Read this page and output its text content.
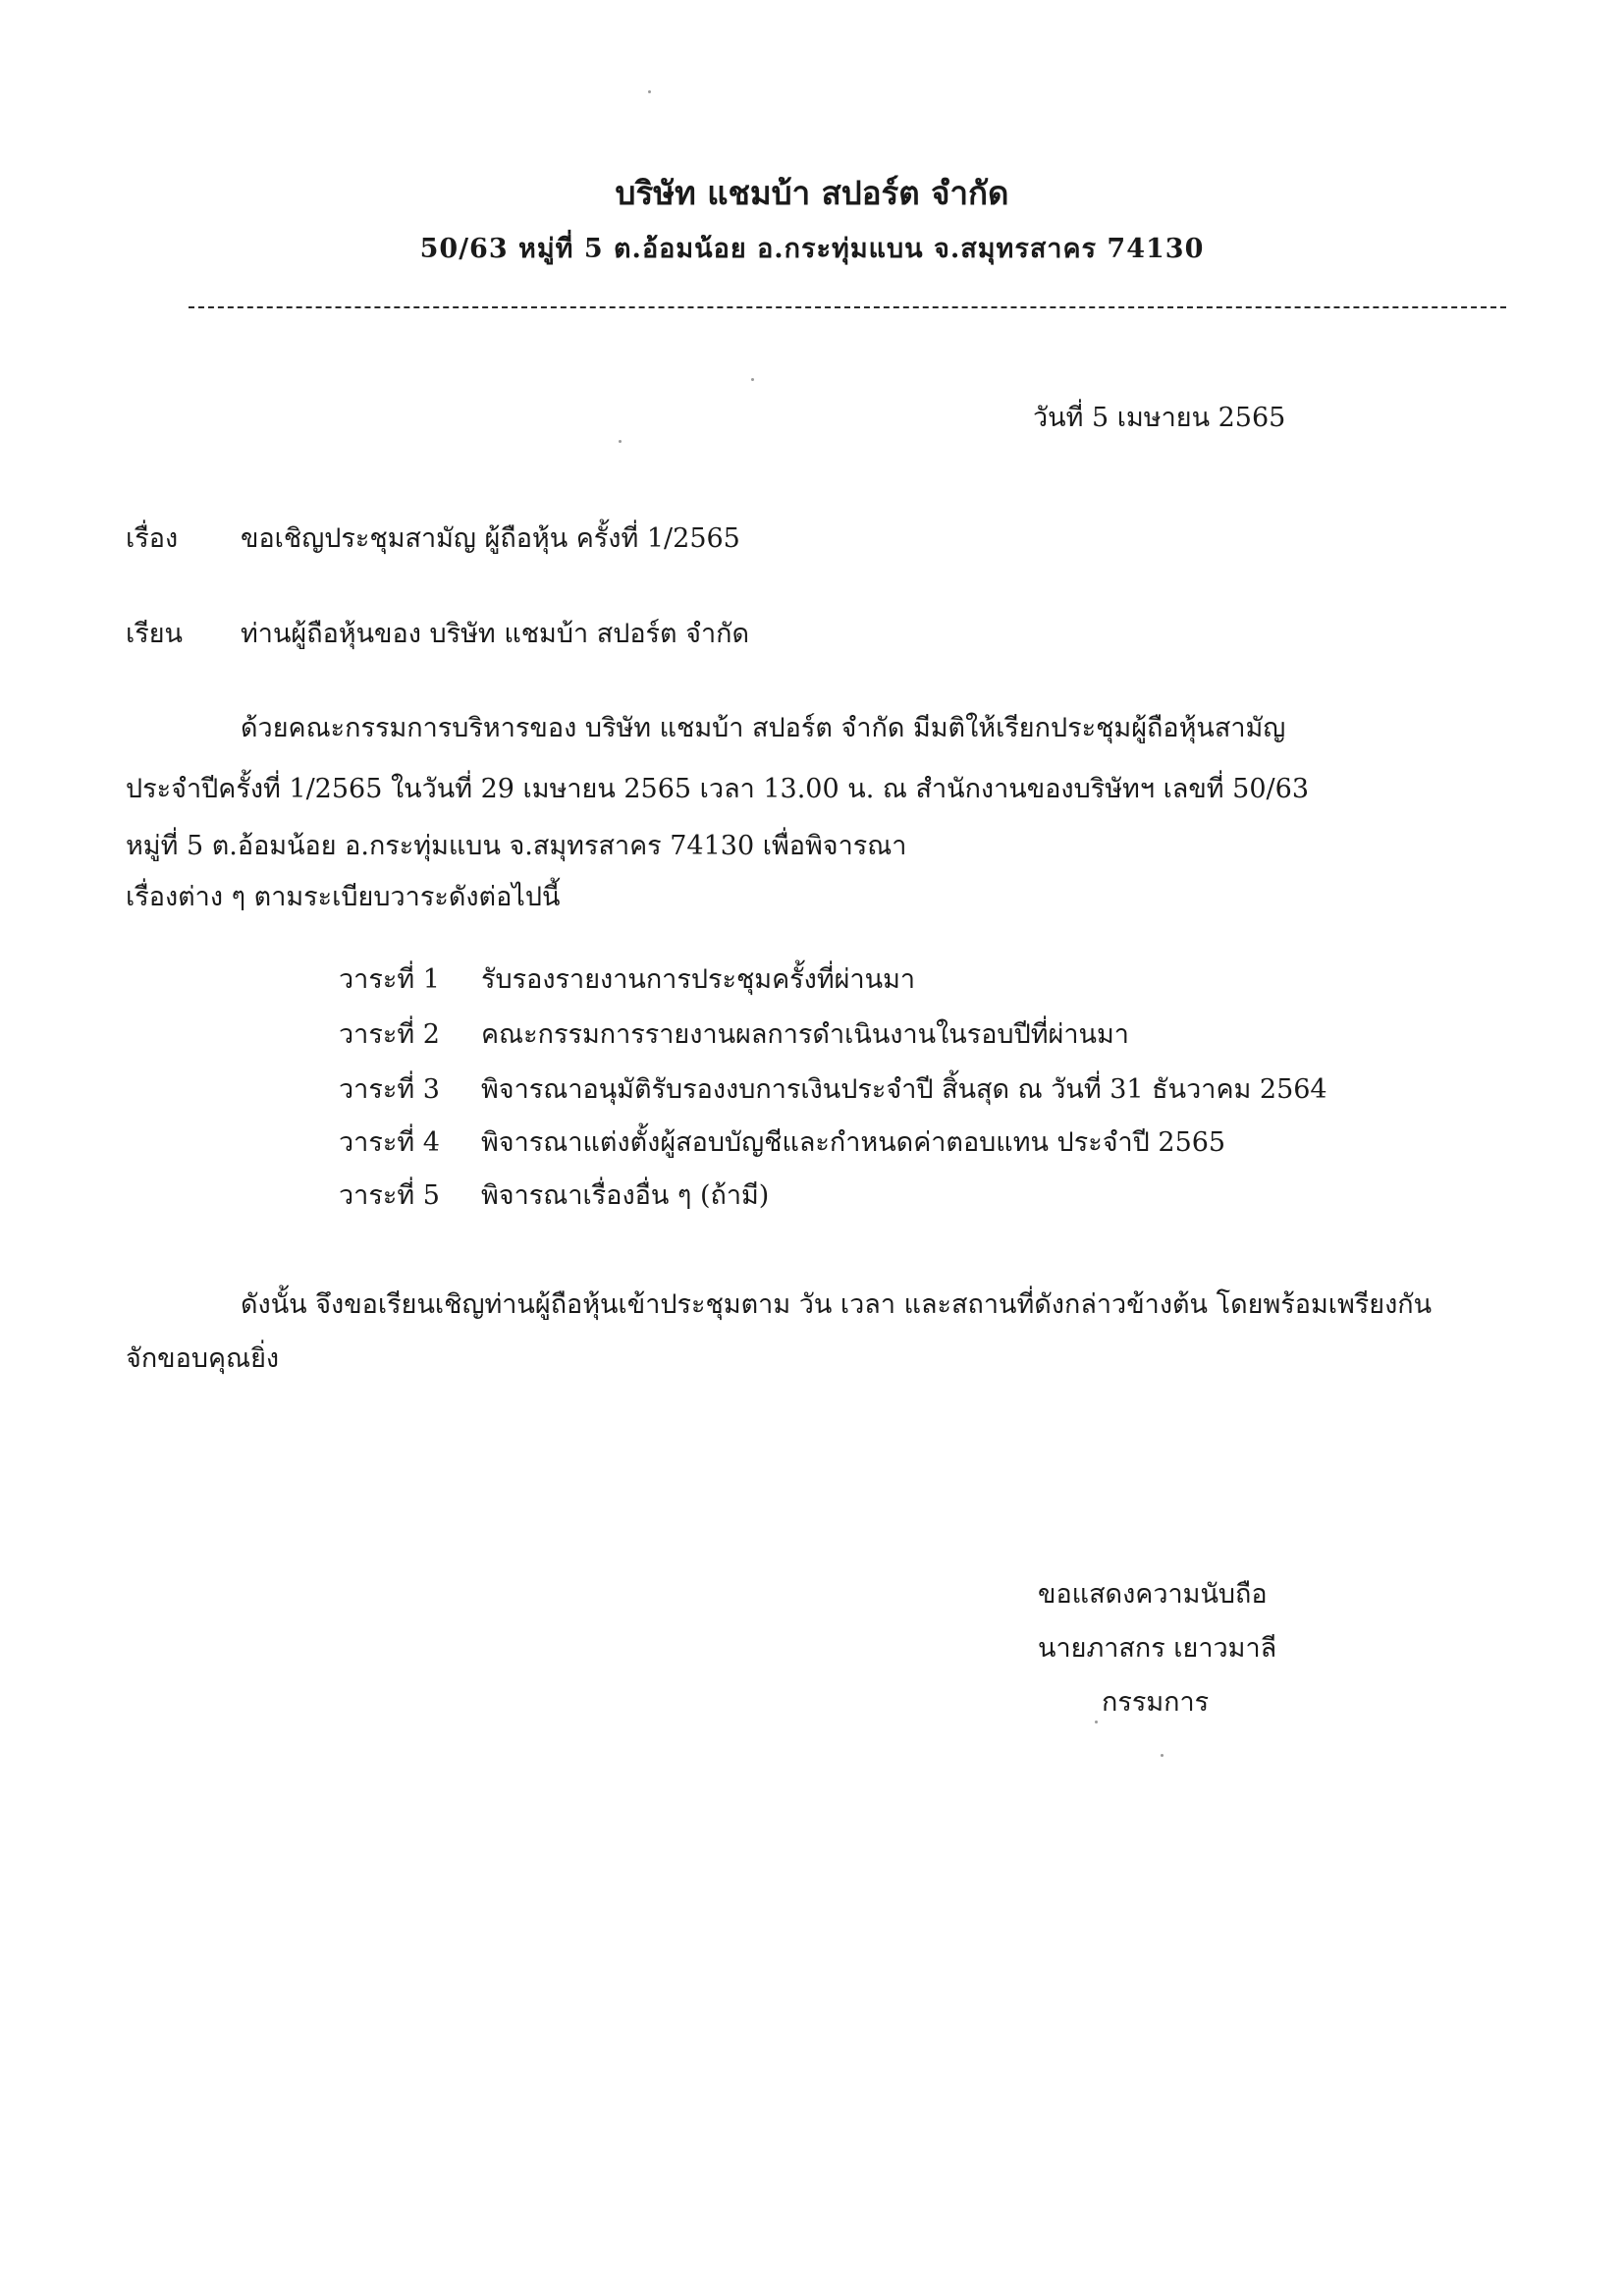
บริษัท แชมบ้า สปอร์ต จำกัด
50/63 หมู่ที่ 5 ต.อ้อมน้อย อ.กระทุ่มแบน จ.สมุทรสาคร 74130
วันที่ 5 เมษายน 2565
เรื่อง ขอเชิญประชุมสามัญ ผู้ถือหุ้น ครั้งที่ 1/2565
เรียน ท่านผู้ถือหุ้นของ บริษัท แชมบ้า สปอร์ต จำกัด
ด้วยคณะกรรมการบริหารของ บริษัท แชมบ้า สปอร์ต จำกัด มีมติให้เรียกประชุมผู้ถือหุ้นสามัญ
ประจำปีครั้งที่ 1/2565 ในวันที่ 29 เมษายน 2565 เวลา 13.00 น. ณ สำนักงานของบริษัทฯ เลขที่ 50/63
หมู่ที่ 5 ต.อ้อมน้อย อ.กระทุ่มแบน จ.สมุทรสาคร 74130 เพื่อพิจารณา
เรื่องต่าง ๆ ตามระเบียบวาระดังต่อไปนี้
วาระที่ 1 รับรองรายงานการประชุมครั้งที่ผ่านมา
วาระที่ 2 คณะกรรมการรายงานผลการดำเนินงานในรอบปีที่ผ่านมา
วาระที่ 3 พิจารณาอนุมัติรับรองงบการเงินประจำปี สิ้นสุด ณ วันที่ 31 ธันวาคม 2564
วาระที่ 4 พิจารณาแต่งตั้งผู้สอบบัญชีและกำหนดค่าตอบแทน ประจำปี 2565
วาระที่ 5 พิจารณาเรื่องอื่น ๆ (ถ้ามี)
ดังนั้น จึงขอเรียนเชิญท่านผู้ถือหุ้นเข้าประชุมตาม วัน เวลา และสถานที่ดังกล่าวข้างต้น โดยพร้อมเพรียงกัน
จักขอบคุณยิ่ง
ขอแสดงความนับถือ
นายภาสกร เยาวมาลี
กรรมการ
